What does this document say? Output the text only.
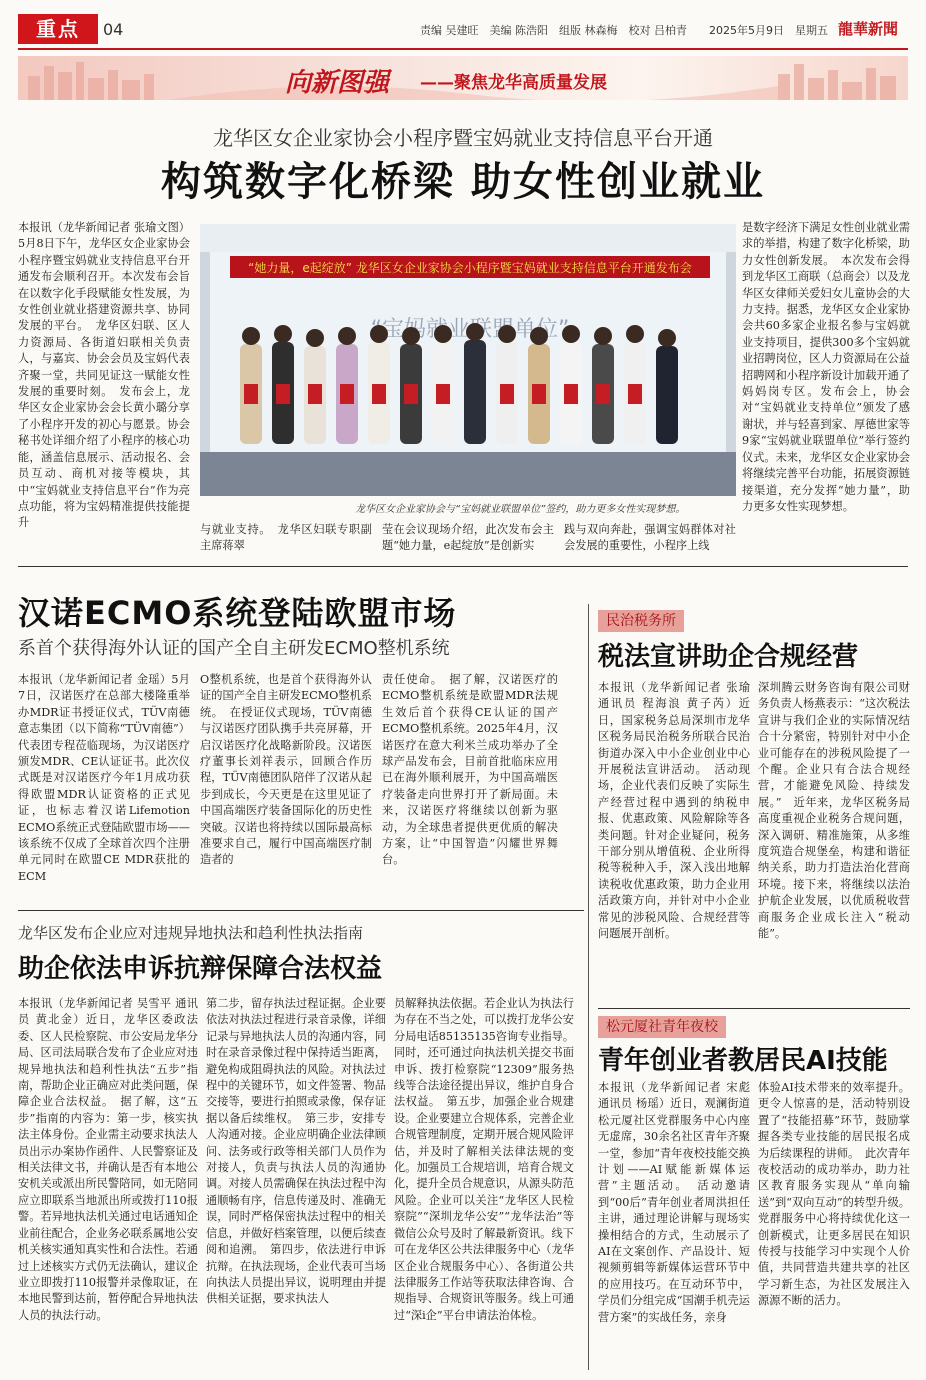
重点	04	责编 吴建旺　美编 陈浩阳　组版 林森梅　校对 吕柏青　　2025年5月9日　星期五 龍華新聞
向新图强 ——聚焦龙华高质量发展
龙华区女企业家协会小程序暨宝妈就业支持信息平台开通
构筑数字化桥梁 助女性创业就业
本报讯（龙华新闻记者 张瑜文图）5月8日下午，龙华区女企业家协会小程序暨宝妈就业支持信息平台开通发布会顺利召开。本次发布会旨在以数字化手段赋能女性发展，为女性创业就业搭建资源共享、协同发展的平台。　龙华区妇联、区人力资源局、各街道妇联相关负责人，与嘉宾、协会会员及宝妈代表齐聚一堂，共同见证这一赋能女性发展的重要时刻。　发布会上，龙华区女企业家协会会长黄小璐分享了小程序开发的初心与愿景。协会秘书处详细介绍了小程序的核心功能，涵盖信息展示、活动报名、会员互动、商机对接等模块，其中“宝妈就业支持信息平台”作为亮点功能，将为宝妈精准提供技能提升
“她力量，e起绽放” 龙华区女企业家协会小程序暨宝妈就业支持信息平台开通发布会
龙华区女企业家协会与“宝妈就业联盟单位”签约，助力更多女性实现梦想。
与就业支持。　龙华区妇联专职副主席蒋翠
莹在会议现场介绍，此次发布会主题“她力量，e起绽放”是创新实
践与双向奔赴，强调宝妈群体对社会发展的重要性，小程序上线
是数字经济下满足女性创业就业需求的举措，构建了数字化桥梁，助力女性创新发展。　本次发布会得到龙华区工商联（总商会）以及龙华区女律师关爱妇女儿童协会的大力支持。据悉，龙华区女企业家协会共60多家企业报名参与宝妈就业支持项目，提供300多个宝妈就业招聘岗位，区人力资源局在公益招聘网和小程序新设计加载开通了妈妈岗专区。发布会上，协会对“宝妈就业支持单位”颁发了感谢状，并与轻喜到家、厚德世家等9家“宝妈就业联盟单位”举行签约仪式。未来，龙华区女企业家协会将继续完善平台功能，拓展资源链接渠道，充分发挥“她力量”，助力更多女性实现梦想。
汉诺ECMO系统登陆欧盟市场
系首个获得海外认证的国产全自主研发ECMO整机系统
本报讯（龙华新闻记者 金瑶）5月7日，汉诺医疗在总部大楼隆重举办MDR证书授证仪式，TÜV南德意志集团（以下简称“TÜV南德”）代表团专程莅临现场，为汉诺医疗颁发MDR、CE认证证书。此次仪式既是对汉诺医疗今年1月成功获得欧盟MDR认证资格的正式见证，也标志着汉诺Lifemotion ECMO系统正式登陆欧盟市场——该系统不仅成了全球首次四个注册单元同时在欧盟CE MDR获批的ECM
O整机系统，也是首个获得海外认证的国产全自主研发ECMO整机系统。　在授证仪式现场，TÜV南德与汉诺医疗团队携手共亮屏幕，开启汉诺医疗化战略新阶段。汉诺医疗董事长刘祥表示，回顾合作历程，TÜV南德团队陪伴了汉诺从起步到成长，今天更是在这里见证了中国高端医疗装备国际化的历史性突破。汉诺也将持续以国际最高标准要求自己，履行中国高端医疗制造者的
责任使命。　据了解，汉诺医疗的ECMO整机系统是欧盟MDR法规生效后首个获得CE认证的国产ECMO整机系统。2025年4月，汉诺医疗在意大利米兰成功举办了全球产品发布会，目前首批临床应用已在海外顺利展开，为中国高端医疗装备走向世界打开了新局面。未来，汉诺医疗将继续以创新为驱动，为全球患者提供更优质的解决方案，让“中国智造”闪耀世界舞台。
龙华区发布企业应对违规异地执法和趋利性执法指南
助企依法申诉抗辩保障合法权益
本报讯（龙华新闻记者 吴雪平 通讯员 黄北金）近日，龙华区委政法委、区人民检察院、市公安局龙华分局、区司法局联合发布了企业应对违规异地执法和趋利性执法“五步”指南，帮助企业正确应对此类问题，保障企业合法权益。　据了解，这“五步”指南的内容为：第一步，核实执法主体身份。企业需主动要求执法人员出示办案协作函件、人民警察证及相关法律文书，并确认是否有本地公安机关或派出所民警陪同，如无陪同应立即联系当地派出所或拨打110报警。若异地执法机关通过电话通知企业前往配合，企业务必联系属地公安机关核实通知真实性和合法性。若通过上述核实方式仍无法确认，建议企业立即拨打110报警并录像取证，在本地民警到达前，暂停配合异地执法人员的执法行动。
第二步，留存执法过程证据。企业要依法对执法过程进行录音录像，详细记录与异地执法人员的沟通内容，同时在录音录像过程中保持适当距离，避免构成阻碍执法的风险。对执法过程中的关键环节，如文件签署、物品交接等，要进行拍照或录像，保存证据以备后续维权。　第三步，安排专人沟通对接。企业应明确企业法律顾问、法务或行政等相关部门人员作为对接人，负责与执法人员的沟通协调。对接人员需确保在执法过程中沟通顺畅有序，信息传递及时、准确无误，同时严格保密执法过程中的相关信息，并做好档案管理，以便后续查阅和追溯。　第四步，依法进行申诉抗辩。在执法现场，企业代表可当场向执法人员提出异议，说明理由并提供相关证据，要求执法人
员解释执法依据。若企业认为执法行为存在不当之处，可以拨打龙华公安分局电话85135135咨询专业指导。同时，还可通过向执法机关提交书面申诉、拨打检察院“12309”服务热线等合法途径提出异议，维护自身合法权益。　第五步，加强企业合规建设。企业要建立合规体系，完善企业合规管理制度，定期开展合规风险评估，并及时了解相关法律法规的变化。加强员工合规培训，培育合规文化，提升全员合规意识，从源头防范风险。企业可以关注“龙华区人民检察院”“深圳龙华公安”“龙华法治”等微信公众号及时了解最新资讯。线下可在龙华区公共法律服务中心（龙华区企业合规服务中心）、各街道公共法律服务工作站等获取法律咨询、合规指导、合规资讯等服务。线上可通过“深i企”平台申请法治体检。
民治税务所
税法宣讲助企合规经营
本报讯（龙华新闻记者 张瑜 通讯员 程海浪 黄子芮）近日，国家税务总局深圳市龙华区税务局民治税务所联合民治街道办深入中小企业创业中心开展税法宣讲活动。　活动现场，企业代表们反映了实际生产经营过程中遇到的纳税申报、优惠政策、风险解除等各类问题。针对企业疑问，税务干部分别从增值税、企业所得税等税种入手，深入浅出地解读税收优惠政策，助力企业用活政策方向，并针对中小企业常见的涉税风险、合规经营等问题展开剖析。
深圳腾云财务咨询有限公司财务负责人杨燕表示：“这次税法宣讲与我们企业的实际情况结合十分紧密，特别针对中小企业可能存在的涉税风险提了一个醒。企业只有合法合规经营，才能避免风险、持续发展。”　近年来，龙华区税务局高度重视企业税务合规问题，深入调研、精准施策，从多维度筑造合规堡垒，构建和谐征纳关系，助力打造法治化营商环境。接下来，将继续以法治护航企业发展，以优质税收营商服务企业成长注入“税动能”。
松元厦社青年夜校
青年创业者教居民AI技能
本报讯（龙华新闻记者 宋彪 通讯员 杨瑶）近日，观澜街道松元厦社区党群服务中心内座无虚席，30余名社区青年齐聚一堂，参加“青年夜校技能交换计划——AI赋能新媒体运营”主题活动。　活动邀请到“00后”青年创业者周洪担任主讲，通过理论讲解与现场实操相结合的方式，生动展示了AI在文案创作、产品设计、短视频剪辑等新媒体运营环节中的应用技巧。在互动环节中，学员们分组完成“国潮手机壳运营方案”的实战任务，亲身
体验AI技术带来的效率提升。更令人惊喜的是，活动特别设置了“技能招募”环节，鼓励掌握各类专业技能的居民报名成为后续课程的讲师。　此次青年夜校活动的成功举办，助力社区教育服务实现从“单向输送”到“双向互动”的转型升级。党群服务中心将持续优化这一创新模式，让更多居民在知识传授与技能学习中实现个人价值，共同营造共建共享的社区学习新生态，为社区发展注入源源不断的活力。
